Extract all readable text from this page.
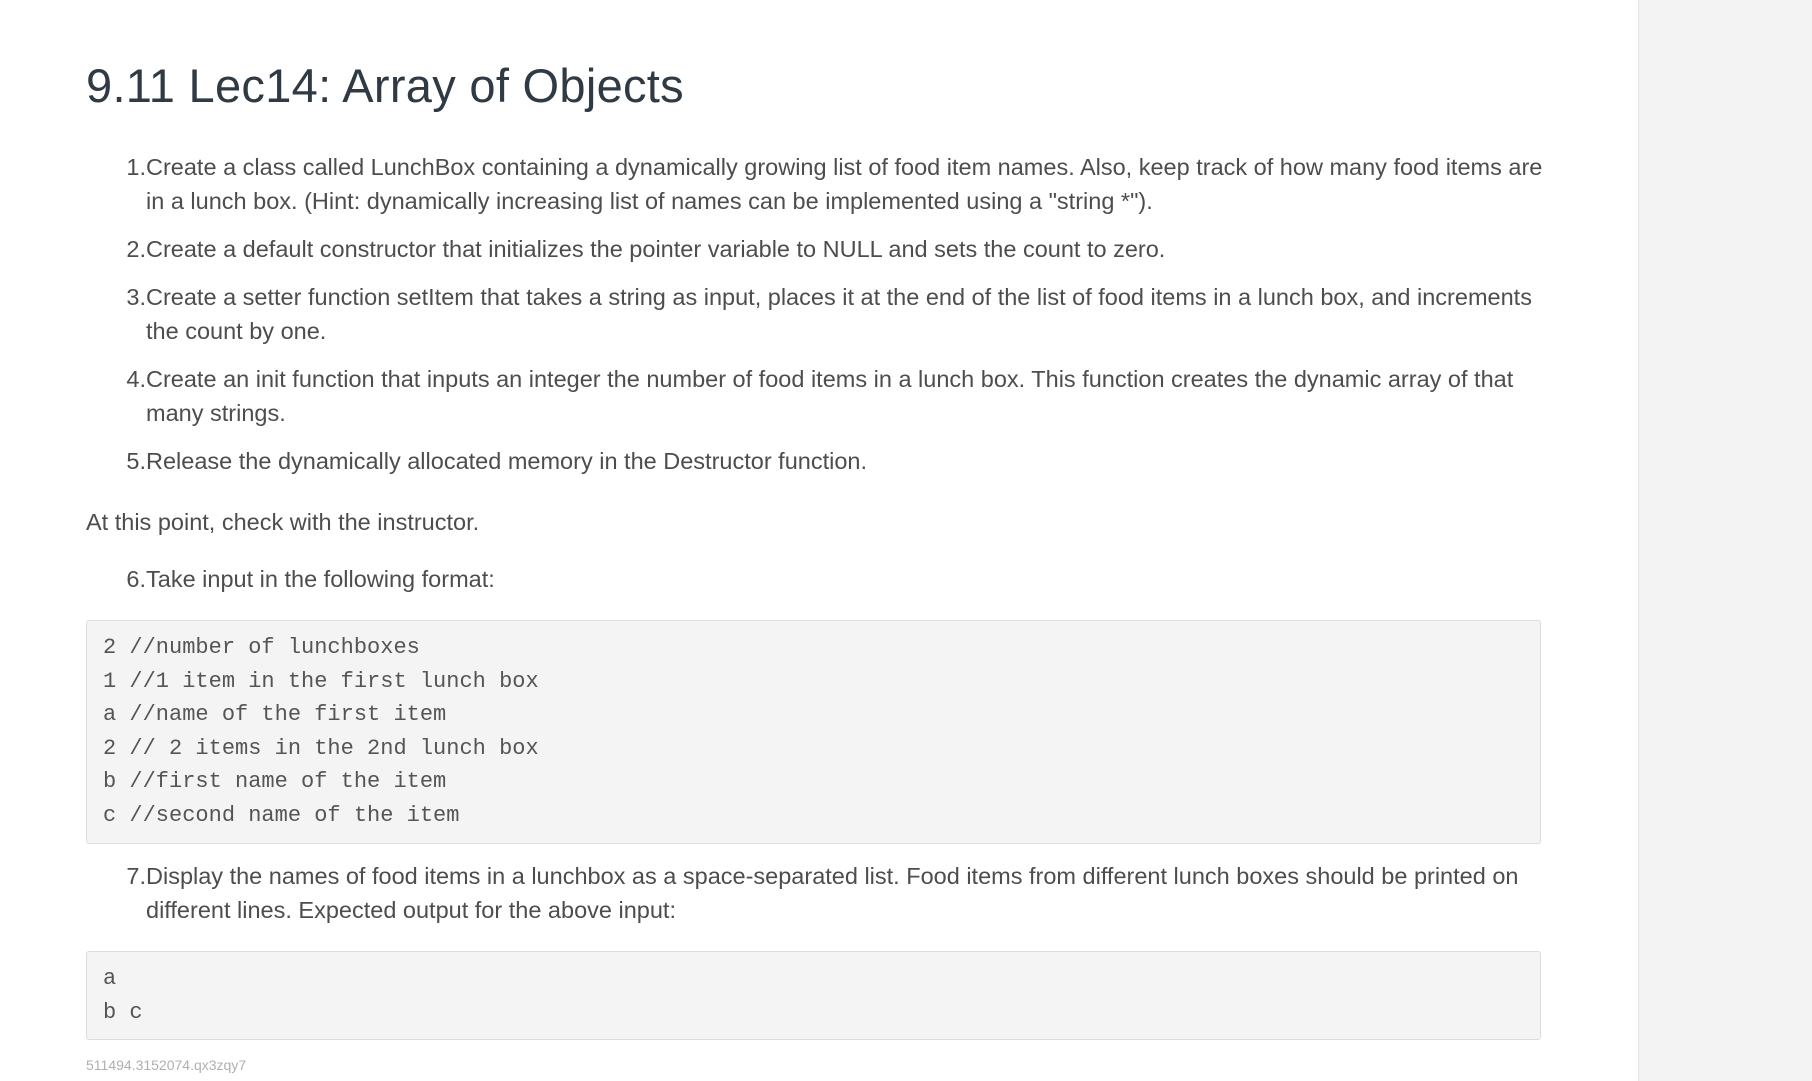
9.11 Lec14: Array of Objects
1 . Create a class called LunchBox containing a dynamically growing list of food item names. Also, keep track of how many food items are in a lunch box. (Hint: dynamically increasing list of names can be implemented using a "string *").
2 . Create a default constructor that initializes the pointer variable to NULL and sets the count to zero.
3 . Create a setter function setItem that takes a string as input, places it at the end of the list of food items in a lunch box, and increments the count by one.
4 . Create an init function that inputs an integer the number of food items in a lunch box. This function creates the dynamic array of that many strings.
5 . Release the dynamically allocated memory in the Destructor function.

At this point, check with the instructor.

6 . Take input in the following format:
2 //number of lunchboxes
1 //1 item in the first lunch box
a //name of the first item
2 // 2 items in the 2nd lunch box
b //first name of the item
c //second name of the item
7 . Display the names of food items in a lunchbox as a space-separated list. Food items from different lunch boxes should be printed on different lines. Expected output for the above input:
a
b c

511494.3152074.qx3zqy7
